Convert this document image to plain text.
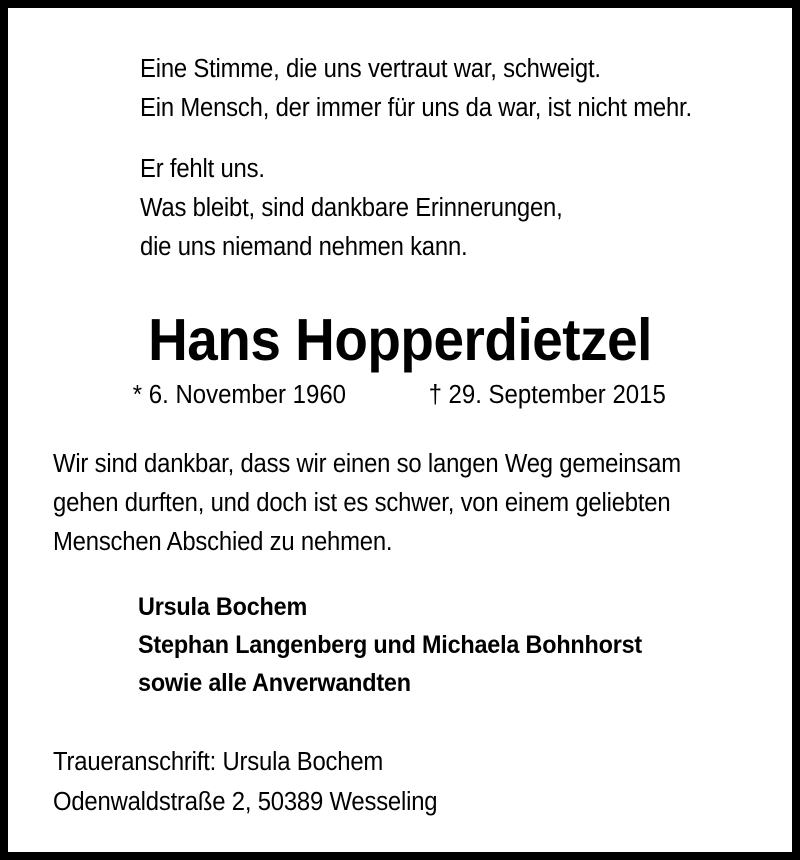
Eine Stimme, die uns vertraut war, schweigt.
Ein Mensch, der immer für uns da war, ist nicht mehr.
Er fehlt uns.
Was bleibt, sind dankbare Erinnerungen,
die uns niemand nehmen kann.
Hans Hopperdietzel
* 6. November 1960	† 29. September 2015
Wir sind dankbar, dass wir einen so langen Weg gemeinsam
gehen durften, und doch ist es schwer, von einem geliebten
Menschen Abschied zu nehmen.
Ursula Bochem
Stephan Langenberg und Michaela Bohnhorst
sowie alle Anverwandten
Traueranschrift: Ursula Bochem
Odenwaldstraße 2, 50389 Wesseling
